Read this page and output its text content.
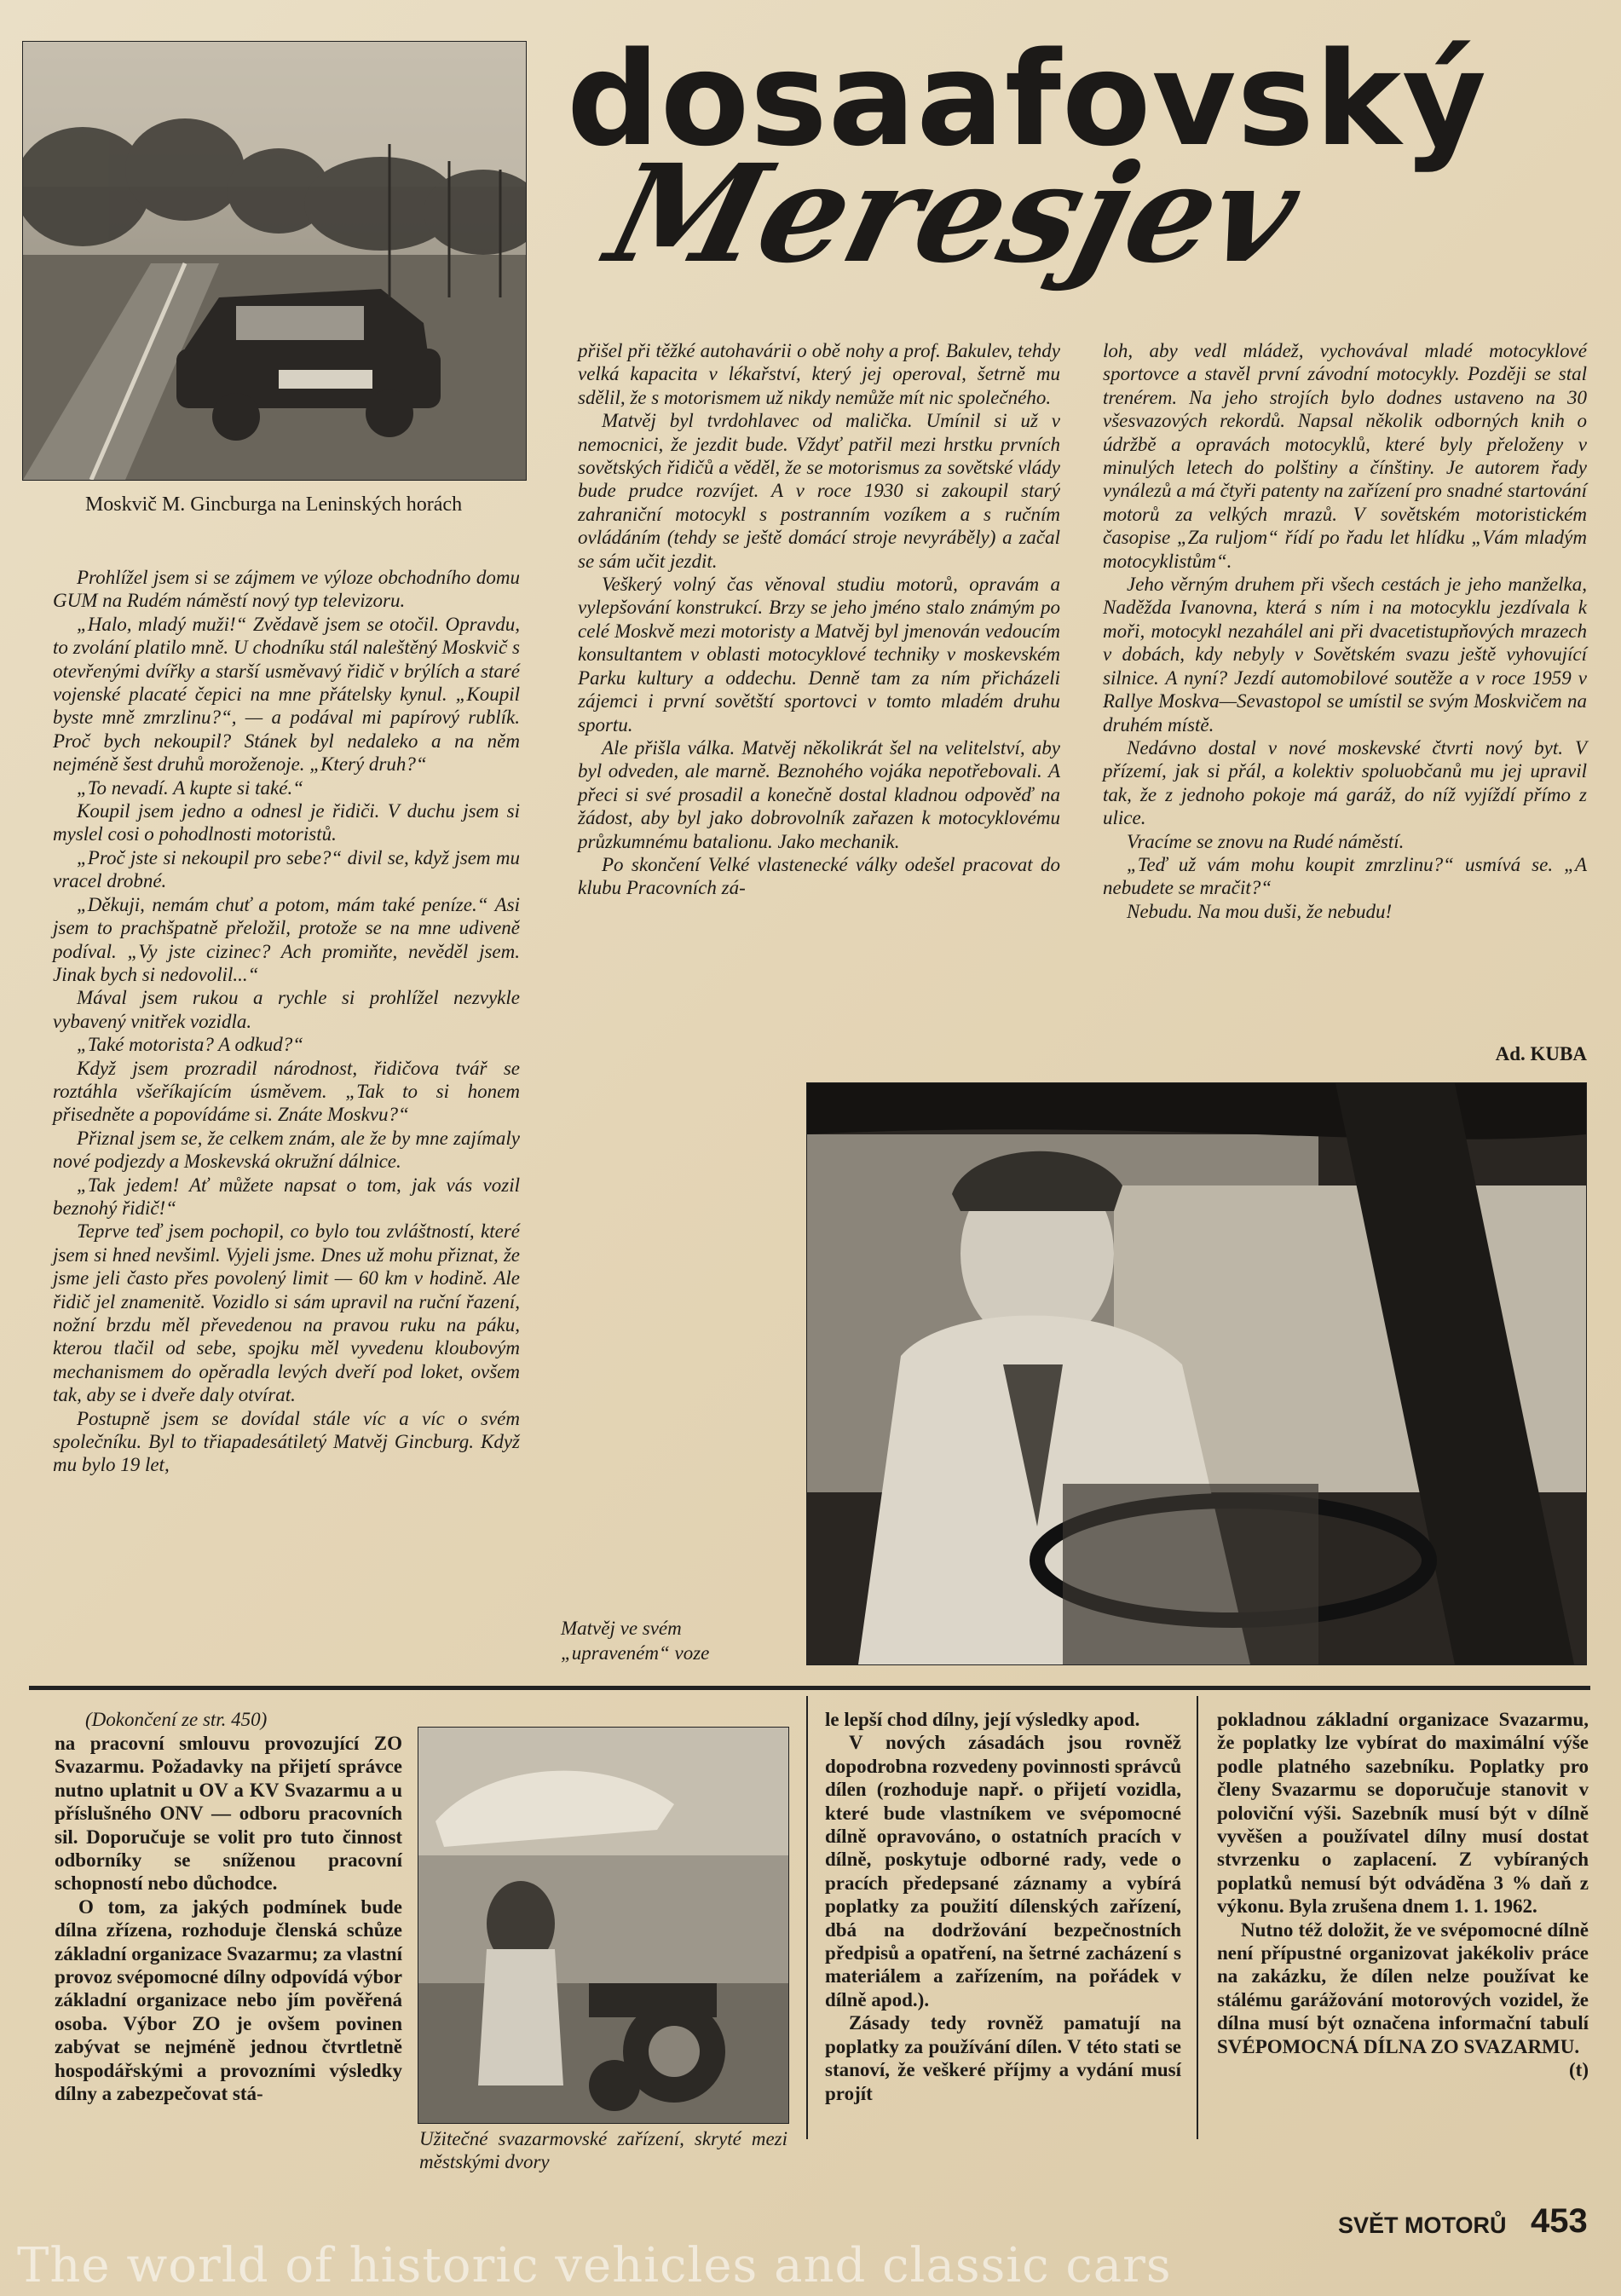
dosaafovský
Meresjev
Moskvič M. Gincburga na Leninských horách

Prohlížel jsem si se zájmem ve výloze obchodního domu GUM na Rudém náměstí nový typ televizoru.

„Halo, mladý muži!“ Zvědavě jsem se otočil. Opravdu, to zvolání platilo mně. U chodníku stál naleštěný Moskvič s otevřenými dvířky a starší usměvavý řidič v brýlích a staré vojenské placaté čepici na mne přátelsky kynul. „Koupil byste mně zmrzlinu?“, — a podával mi papírový rublík. Proč bych nekoupil? Stánek byl nedaleko a na něm nejméně šest druhů moroženoje. „Který druh?“

„To nevadí. A kupte si také.“

Koupil jsem jedno a odnesl je řidiči. V duchu jsem si myslel cosi o pohodlnosti motoristů.

„Proč jste si nekoupil pro sebe?“ divil se, když jsem mu vracel drobné.

„Děkuji, nemám chuť a potom, mám také peníze.“ Asi jsem to prachšpatně přeložil, protože se na mne udiveně podíval. „Vy jste cizinec? Ach promiňte, nevěděl jsem. Jinak bych si nedovolil...“

Mával jsem rukou a rychle si prohlížel nezvykle vybavený vnitřek vozidla.

„Také motorista? A odkud?“

Když jsem prozradil národnost, řidičova tvář se roztáhla všeříkajícím úsměvem. „Tak to si honem přisedněte a popovídáme si. Znáte Moskvu?“

Přiznal jsem se, že celkem znám, ale že by mne zajímaly nové podjezdy a Moskevská okružní dálnice.

„Tak jedem! Ať můžete napsat o tom, jak vás vozil beznohý řidič!“

Teprve teď jsem pochopil, co bylo tou zvláštností, které jsem si hned nevšiml. Vyjeli jsme. Dnes už mohu přiznat, že jsme jeli často přes povolený limit — 60 km v hodině. Ale řidič jel znamenitě. Vozidlo si sám upravil na ruční řazení, nožní brzdu měl převedenou na pravou ruku na páku, kterou tlačil od sebe, spojku měl vyvedenu kloubovým mechanismem do opěradla levých dveří pod loket, ovšem tak, aby se i dveře daly otvírat.

Postupně jsem se dovídal stále víc a víc o svém společníku. Byl to třiapadesátiletý Matvěj Gincburg. Když mu bylo 19 let,

přišel při těžké autohavárii o obě nohy a prof. Bakulev, tehdy velká kapacita v lékařství, který jej operoval, šetrně mu sdělil, že s motorismem už nikdy nemůže mít nic společného.

Matvěj byl tvrdohlavec od malička. Umínil si už v nemocnici, že jezdit bude. Vždyť patřil mezi hrstku prvních sovětských řidičů a věděl, že se motorismus za sovětské vlády bude prudce rozvíjet. A v roce 1930 si zakoupil starý zahraniční motocykl s postranním vozíkem a s ručním ovládáním (tehdy se ještě domácí stroje nevyráběly) a začal se sám učit jezdit.

Veškerý volný čas věnoval studiu motorů, opravám a vylepšování konstrukcí. Brzy se jeho jméno stalo známým po celé Moskvě mezi motoristy a Matvěj byl jmenován vedoucím konsultantem v oblasti motocyklové techniky v moskevském Parku kultury a oddechu. Denně tam za ním přicházeli zájemci i první sovětští sportovci v tomto mladém druhu sportu.

Ale přišla válka. Matvěj několikrát šel na velitelství, aby byl odveden, ale marně. Beznohého vojáka nepotřebovali. A přeci si své prosadil a konečně dostal kladnou odpověď na žádost, aby byl jako dobrovolník zařazen k motocyklovému průzkumnému batalionu. Jako mechanik.

Po skončení Velké vlastenecké války odešel pracovat do klubu Pracovních zá-

loh, aby vedl mládež, vychovával mladé motocyklové sportovce a stavěl první závodní motocykly. Později se stal trenérem. Na jeho strojích bylo dodnes ustaveno na 30 všesvazových rekordů. Napsal několik odborných knih o údržbě a opravách motocyklů, které byly přeloženy v minulých letech do polštiny a čínštiny. Je autorem řady vynálezů a má čtyři patenty na zařízení pro snadné startování motorů za velkých mrazů. V sovětském motoristickém časopise „Za ruljom“ řídí po řadu let hlídku „Vám mladým motocyklistům“.

Jeho věrným druhem při všech cestách je jeho manželka, Naděžda Ivanovna, která s ním i na motocyklu jezdívala k moři, motocykl nezahálel ani při dvacetistupňových mrazech v dobách, kdy nebyly v Sovětském svazu ještě vyhovující silnice. A nyní? Jezdí automobilové soutěže a v roce 1959 v Rallye Moskva—Sevastopol se umístil se svým Moskvičem na druhém místě.

Nedávno dostal v nové moskevské čtvrti nový byt. V přízemí, jak si přál, a kolektiv spoluobčanů mu jej upravil tak, že z jednoho pokoje má garáž, do níž vyjíždí přímo z ulice.

Vracíme se znovu na Rudé náměstí.

„Teď už vám mohu koupit zmrzlinu?“ usmívá se. „A nebudete se mračit?“

Nebudu. Na mou duši, že nebudu!

Ad. KUBA
Matvěj ve svém
„upraveném“ voze

(Dokončení ze str. 450)

na pracovní smlouvu provozující ZO Svazarmu. Požadavky na přijetí správce nutno uplatnit u OV a KV Svazarmu a u příslušného ONV — odboru pracovních sil. Doporučuje se volit pro tuto činnost odborníky se sníženou pracovní schopností nebo důchodce.

O tom, za jakých podmínek bude dílna zřízena, rozhoduje členská schůze základní organizace Svazarmu; za vlastní provoz svépomocné dílny odpovídá výbor základní organizace nebo jím pověřená osoba. Výbor ZO je ovšem povinen zabývat se nejméně jednou čtvrtletně hospodářskými a provozními výsledky dílny a zabezpečovat stá-

Užitečné svazarmovské zařízení, skryté mezi městskými dvory

le lepší chod dílny, její výsledky apod.

V nových zásadách jsou rovněž dopodrobna rozvedeny povinnosti správců dílen (rozhoduje např. o přijetí vozidla, které bude vlastníkem ve svépomocné dílně opravováno, o ostatních pracích v dílně, poskytuje odborné rady, vede o pracích předepsané záznamy a vybírá poplatky za použití dílenských zařízení, dbá na dodržování bezpečnostních předpisů a opatření, na šetrné zacházení s materiálem a zařízením, na pořádek v dílně apod.).

Zásady tedy rovněž pamatují na poplatky za používání dílen. V této stati se stanoví, že veškeré příjmy a vydání musí projít

pokladnou základní organizace Svazarmu, že poplatky lze vybírat do maximální výše podle platného sazebníku. Poplatky pro členy Svazarmu se doporučuje stanovit v poloviční výši. Sazebník musí být v dílně vyvěšen a používatel dílny musí dostat stvrzenku o zaplacení. Z vybíraných poplatků nemusí být odváděna 3 % daň z výkonu. Byla zrušena dnem 1. 1. 1962.

Nutno též doložit, že ve svépomocné dílně není přípustné organizovat jakékoliv práce na zakázku, že dílen nelze používat ke stálému garážování motorových vozidel, že dílna musí být označena informační tabulí SVÉPOMOCNÁ DÍLNA ZO SVAZARMU.

(t)

SVĚT MOTORŮ 453
The world of historic vehicles and classic cars
